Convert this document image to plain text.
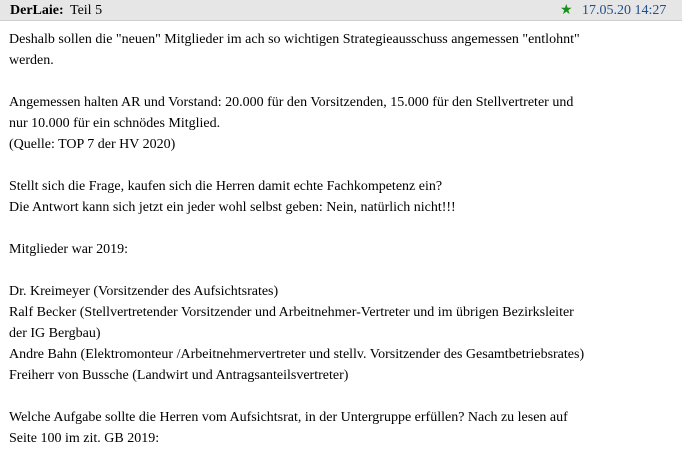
DerLaie: Teil 5	★ 17.05.20 14:27
Deshalb sollen die "neuen" Mitglieder im ach so wichtigen Strategieausschuss angemessen "entlohnt"
werden.
Angemessen halten AR und Vorstand: 20.000 für den Vorsitzenden, 15.000 für den Stellvertreter und
nur 10.000 für ein schnödes Mitglied.
(Quelle: TOP 7 der HV 2020)
Stellt sich die Frage, kaufen sich die Herren damit echte Fachkompetenz ein?
Die Antwort kann sich jetzt ein jeder wohl selbst geben: Nein, natürlich nicht!!!
Mitglieder war 2019:
Dr. Kreimeyer (Vorsitzender des Aufsichtsrates)
Ralf Becker (Stellvertretender Vorsitzender und Arbeitnehmer-Vertreter und im übrigen Bezirksleiter
der IG Bergbau)
Andre Bahn (Elektromonteur /Arbeitnehmervertreter und stellv. Vorsitzender des Gesamtbetriebsrates)
Freiherr von Bussche (Landwirt und Antragsanteilsvertreter)
Welche Aufgabe sollte die Herren vom Aufsichtsrat, in der Untergruppe erfüllen? Nach zu lesen auf
Seite 100 im zit. GB 2019:
